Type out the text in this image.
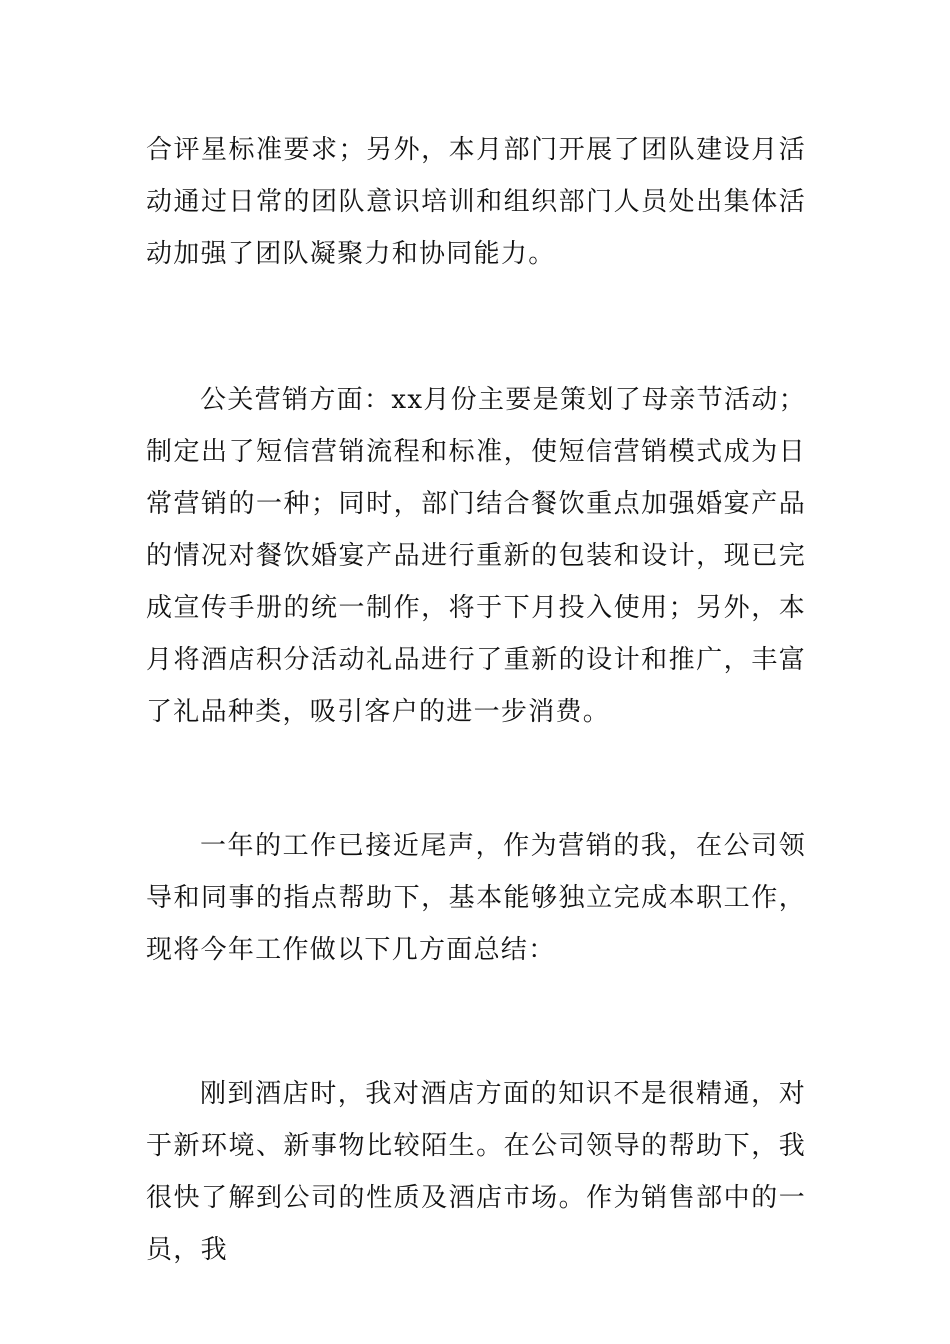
合评星标准要求；另外，本月部门开展了团队建设月活动通过日常的团队意识培训和组织部门人员处出集体活动加强了团队凝聚力和协同能力。

公关营销方面：xx月份主要是策划了母亲节活动；制定出了短信营销流程和标准，使短信营销模式成为日常营销的一种；同时，部门结合餐饮重点加强婚宴产品的情况对餐饮婚宴产品进行重新的包装和设计，现已完成宣传手册的统一制作，将于下月投入使用；另外，本月将酒店积分活动礼品进行了重新的设计和推广，丰富了礼品种类，吸引客户的进一步消费。

一年的工作已接近尾声，作为营销的我，在公司领导和同事的指点帮助下，基本能够独立完成本职工作，现将今年工作做以下几方面总结：

刚到酒店时，我对酒店方面的知识不是很精通，对于新环境、新事物比较陌生。在公司领导的帮助下，我很快了解到公司的性质及酒店市场。作为销售部中的一员，我
